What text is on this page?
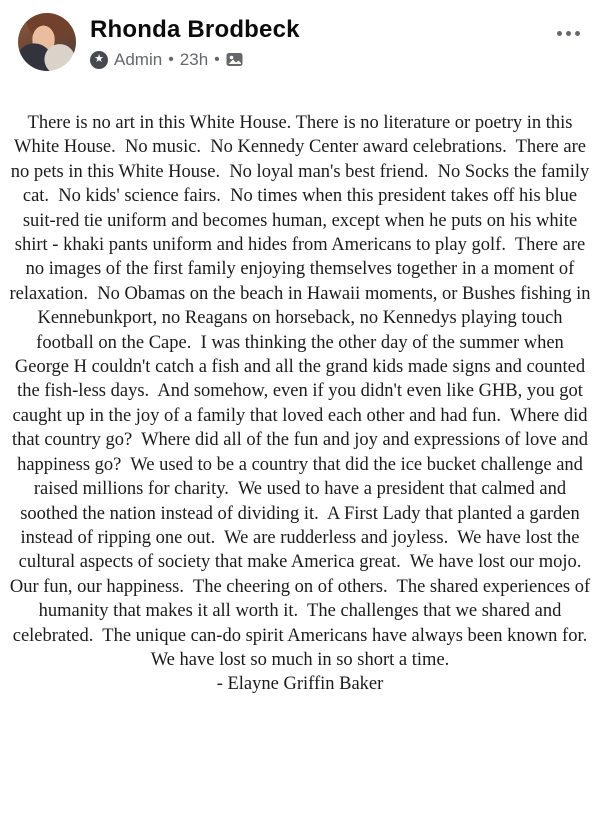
Rhonda Brodbeck
★ Admin • 23h •
There is no art in this White House. There is no literature or poetry in this White House.  No music.  No Kennedy Center award celebrations.  There are no pets in this White House.  No loyal man's best friend.  No Socks the family cat.  No kids' science fairs.  No times when this president takes off his blue suit-red tie uniform and becomes human, except when he puts on his white shirt - khaki pants uniform and hides from Americans to play golf.  There are no images of the first family enjoying themselves together in a moment of relaxation.  No Obamas on the beach in Hawaii moments, or Bushes fishing in Kennebunkport, no Reagans on horseback, no Kennedys playing touch football on the Cape.  I was thinking the other day of the summer when George H couldn't catch a fish and all the grand kids made signs and counted the fish-less days.  And somehow, even if you didn't even like GHB, you got caught up in the joy of a family that loved each other and had fun.  Where did that country go?  Where did all of the fun and joy and expressions of love and happiness go?  We used to be a country that did the ice bucket challenge and raised millions for charity.  We used to have a president that calmed and soothed the nation instead of dividing it.  A First Lady that planted a garden instead of ripping one out.  We are rudderless and joyless.  We have lost the cultural aspects of society that make America great.  We have lost our mojo.  Our fun, our happiness.  The cheering on of others.  The shared experiences of humanity that makes it all worth it.  The challenges that we shared and celebrated.  The unique can-do spirit Americans have always been known for. We have lost so much in so short a time.
- Elayne Griffin Baker
